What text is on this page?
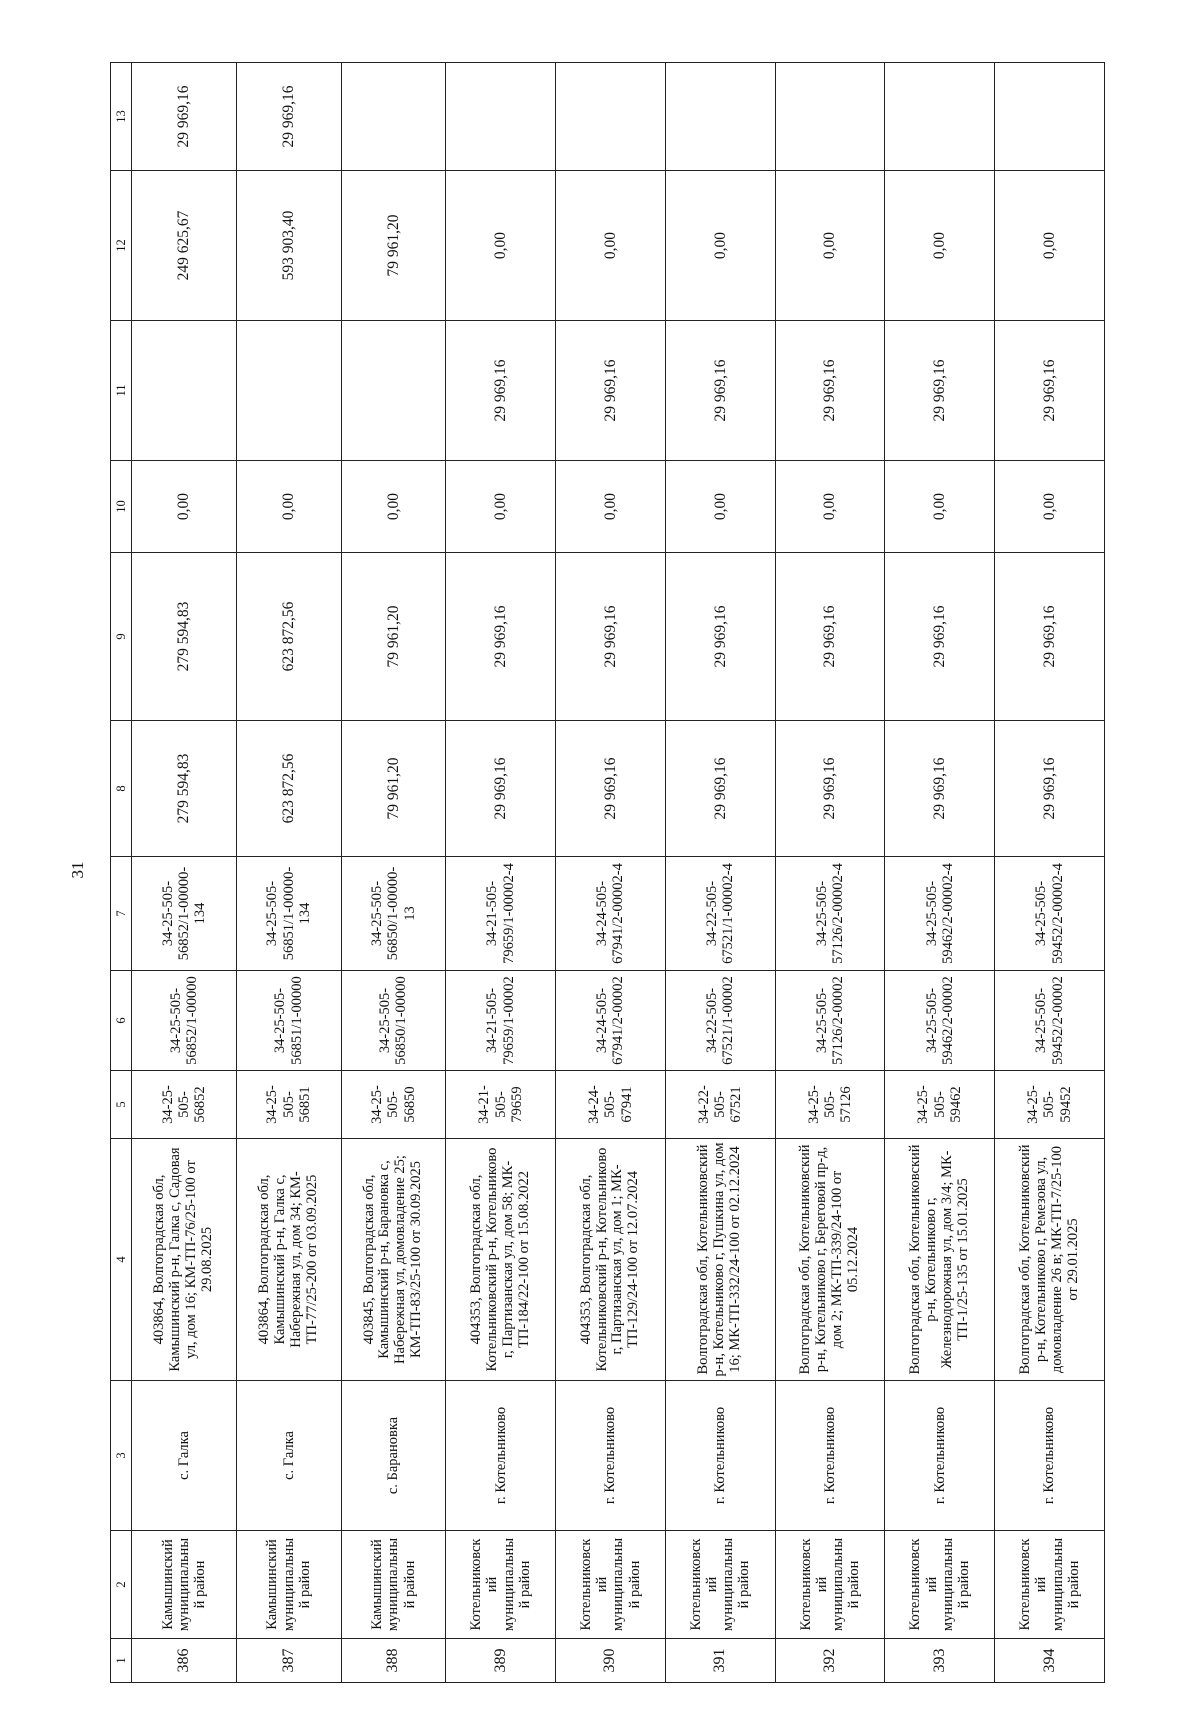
31
1	2	3	4	5	6	7	8	9	10	11	12	13
386	Камышинский муниципальный район	с. Галка	403864, Волгоградская обл, Камышинский р-н, Галка с, Садовая ул, дом 16; КМ-ТП-76/25-100 от 29.08.2025	34-25-505-56852	34-25-505-56852/1-00000	34-25-505-56852/1-00000-134	279 594,83	279 594,83	0,00		249 625,67	29 969,16
387	Камышинский муниципальный район	с. Галка	403864, Волгоградская обл, Камышинский р-н, Галка с, Набережная ул, дом 34; КМ-ТП-77/25-200 от 03.09.2025	34-25-505-56851	34-25-505-56851/1-00000	34-25-505-56851/1-00000-134	623 872,56	623 872,56	0,00		593 903,40	29 969,16
388	Камышинский муниципальный район	с. Барановка	403845, Волгоградская обл, Камышинский р-н, Барановка с, Набережная ул, домовладение 25; КМ-ТП-83/25-100 от 30.09.2025	34-25-505-56850	34-25-505-56850/1-00000	34-25-505-56850/1-00000-13	79 961,20	79 961,20	0,00		79 961,20	
389	Котельниковский муниципальный район	г. Котельниково	404353, Волгоградская обл, Котельниковский р-н, Котельниково г, Партизанская ул, дом 58; МК-ТП-184/22-100 от 15.08.2022	34-21-505-79659	34-21-505-79659/1-00002	34-21-505-79659/1-00002-4	29 969,16	29 969,16	0,00	29 969,16	0,00	
390	Котельниковский муниципальный район	г. Котельниково	404353, Волгоградская обл, Котельниковский р-н, Котельниково г, Партизанская ул, дом 1; МК-ТП-129/24-100 от 12.07.2024	34-24-505-67941	34-24-505-67941/2-00002	34-24-505-67941/2-00002-4	29 969,16	29 969,16	0,00	29 969,16	0,00	
391	Котельниковский муниципальный район	г. Котельниково	Волгоградская обл, Котельниковский р-н, Котельниково г, Пушкина ул, дом 16; МК-ТП-332/24-100 от 02.12.2024	34-22-505-67521	34-22-505-67521/1-00002	34-22-505-67521/1-00002-4	29 969,16	29 969,16	0,00	29 969,16	0,00	
392	Котельниковский муниципальный район	г. Котельниково	Волгоградская обл, Котельниковский р-н, Котельниково г, Береговой пр-д, дом 2; МК-ТП-339/24-100 от 05.12.2024	34-25-505-57126	34-25-505-57126/2-00002	34-25-505-57126/2-00002-4	29 969,16	29 969,16	0,00	29 969,16	0,00	
393	Котельниковский муниципальный район	г. Котельниково	Волгоградская обл, Котельниковский р-н, Котельниково г, Железнодорожная ул, дом 3/4; МК-ТП-1/25-135 от 15.01.2025	34-25-505-59462	34-25-505-59462/2-00002	34-25-505-59462/2-00002-4	29 969,16	29 969,16	0,00	29 969,16	0,00	
394	Котельниковский муниципальный район	г. Котельниково	Волгоградская обл, Котельниковский р-н, Котельниково г, Ремезова ул, домовладение 26 в; МК-ТП-7/25-100 от 29.01.2025	34-25-505-59452	34-25-505-59452/2-00002	34-25-505-59452/2-00002-4	29 969,16	29 969,16	0,00	29 969,16	0,00	
